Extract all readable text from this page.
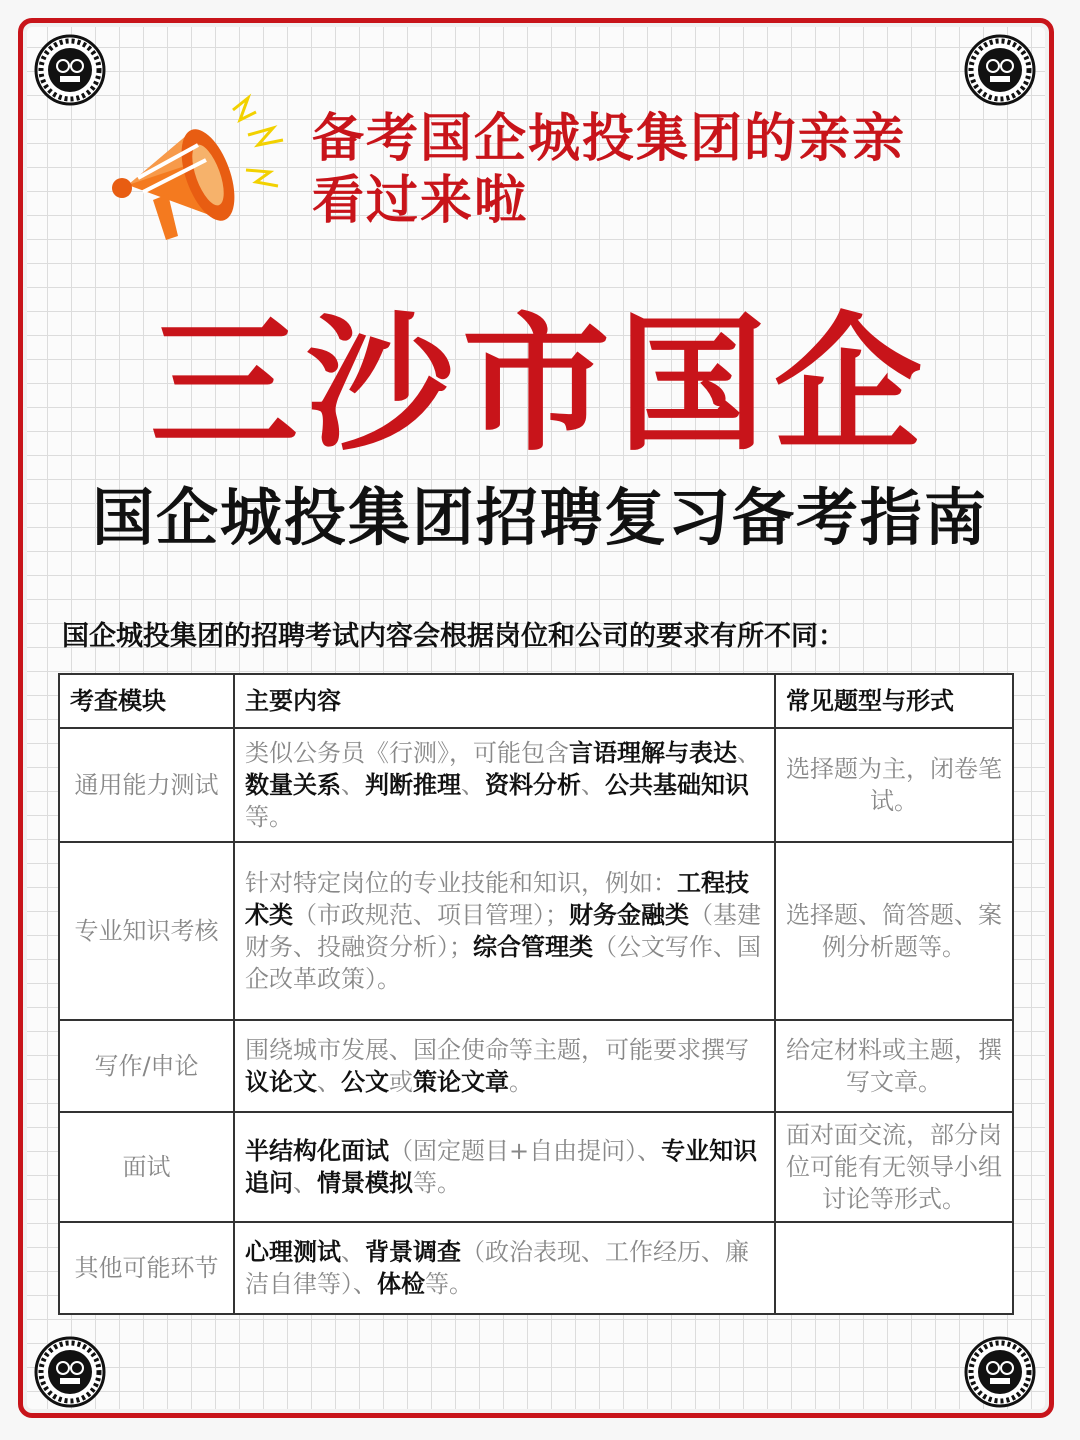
备考国企城投集团的亲亲
看过来啦
三沙市国企
国企城投集团招聘复习备考指南
国企城投集团的招聘考试内容会根据岗位和公司的要求有所不同：
考查模块	主要内容	常见题型与形式
通用能力测试	类似公务员《行测》，可能包含言语理解与表达、数量关系、判断推理、资料分析、公共基础知识等。	选择题为主，闭卷笔试。
专业知识考核	针对特定岗位的专业技能和知识，例如：工程技术类（市政规范、项目管理）；财务金融类（基建财务、投融资分析）；综合管理类（公文写作、国企改革政策）。	选择题、简答题、案例分析题等。
写作/申论	围绕城市发展、国企使命等主题，可能要求撰写议论文、公文或策论文章。	给定材料或主题，撰写文章。
面试	半结构化面试（固定题目+自由提问）、专业知识追问、情景模拟等。	面对面交流，部分岗位可能有无领导小组讨论等形式。
其他可能环节	心理测试、背景调查（政治表现、工作经历、廉洁自律等）、体检等。	
